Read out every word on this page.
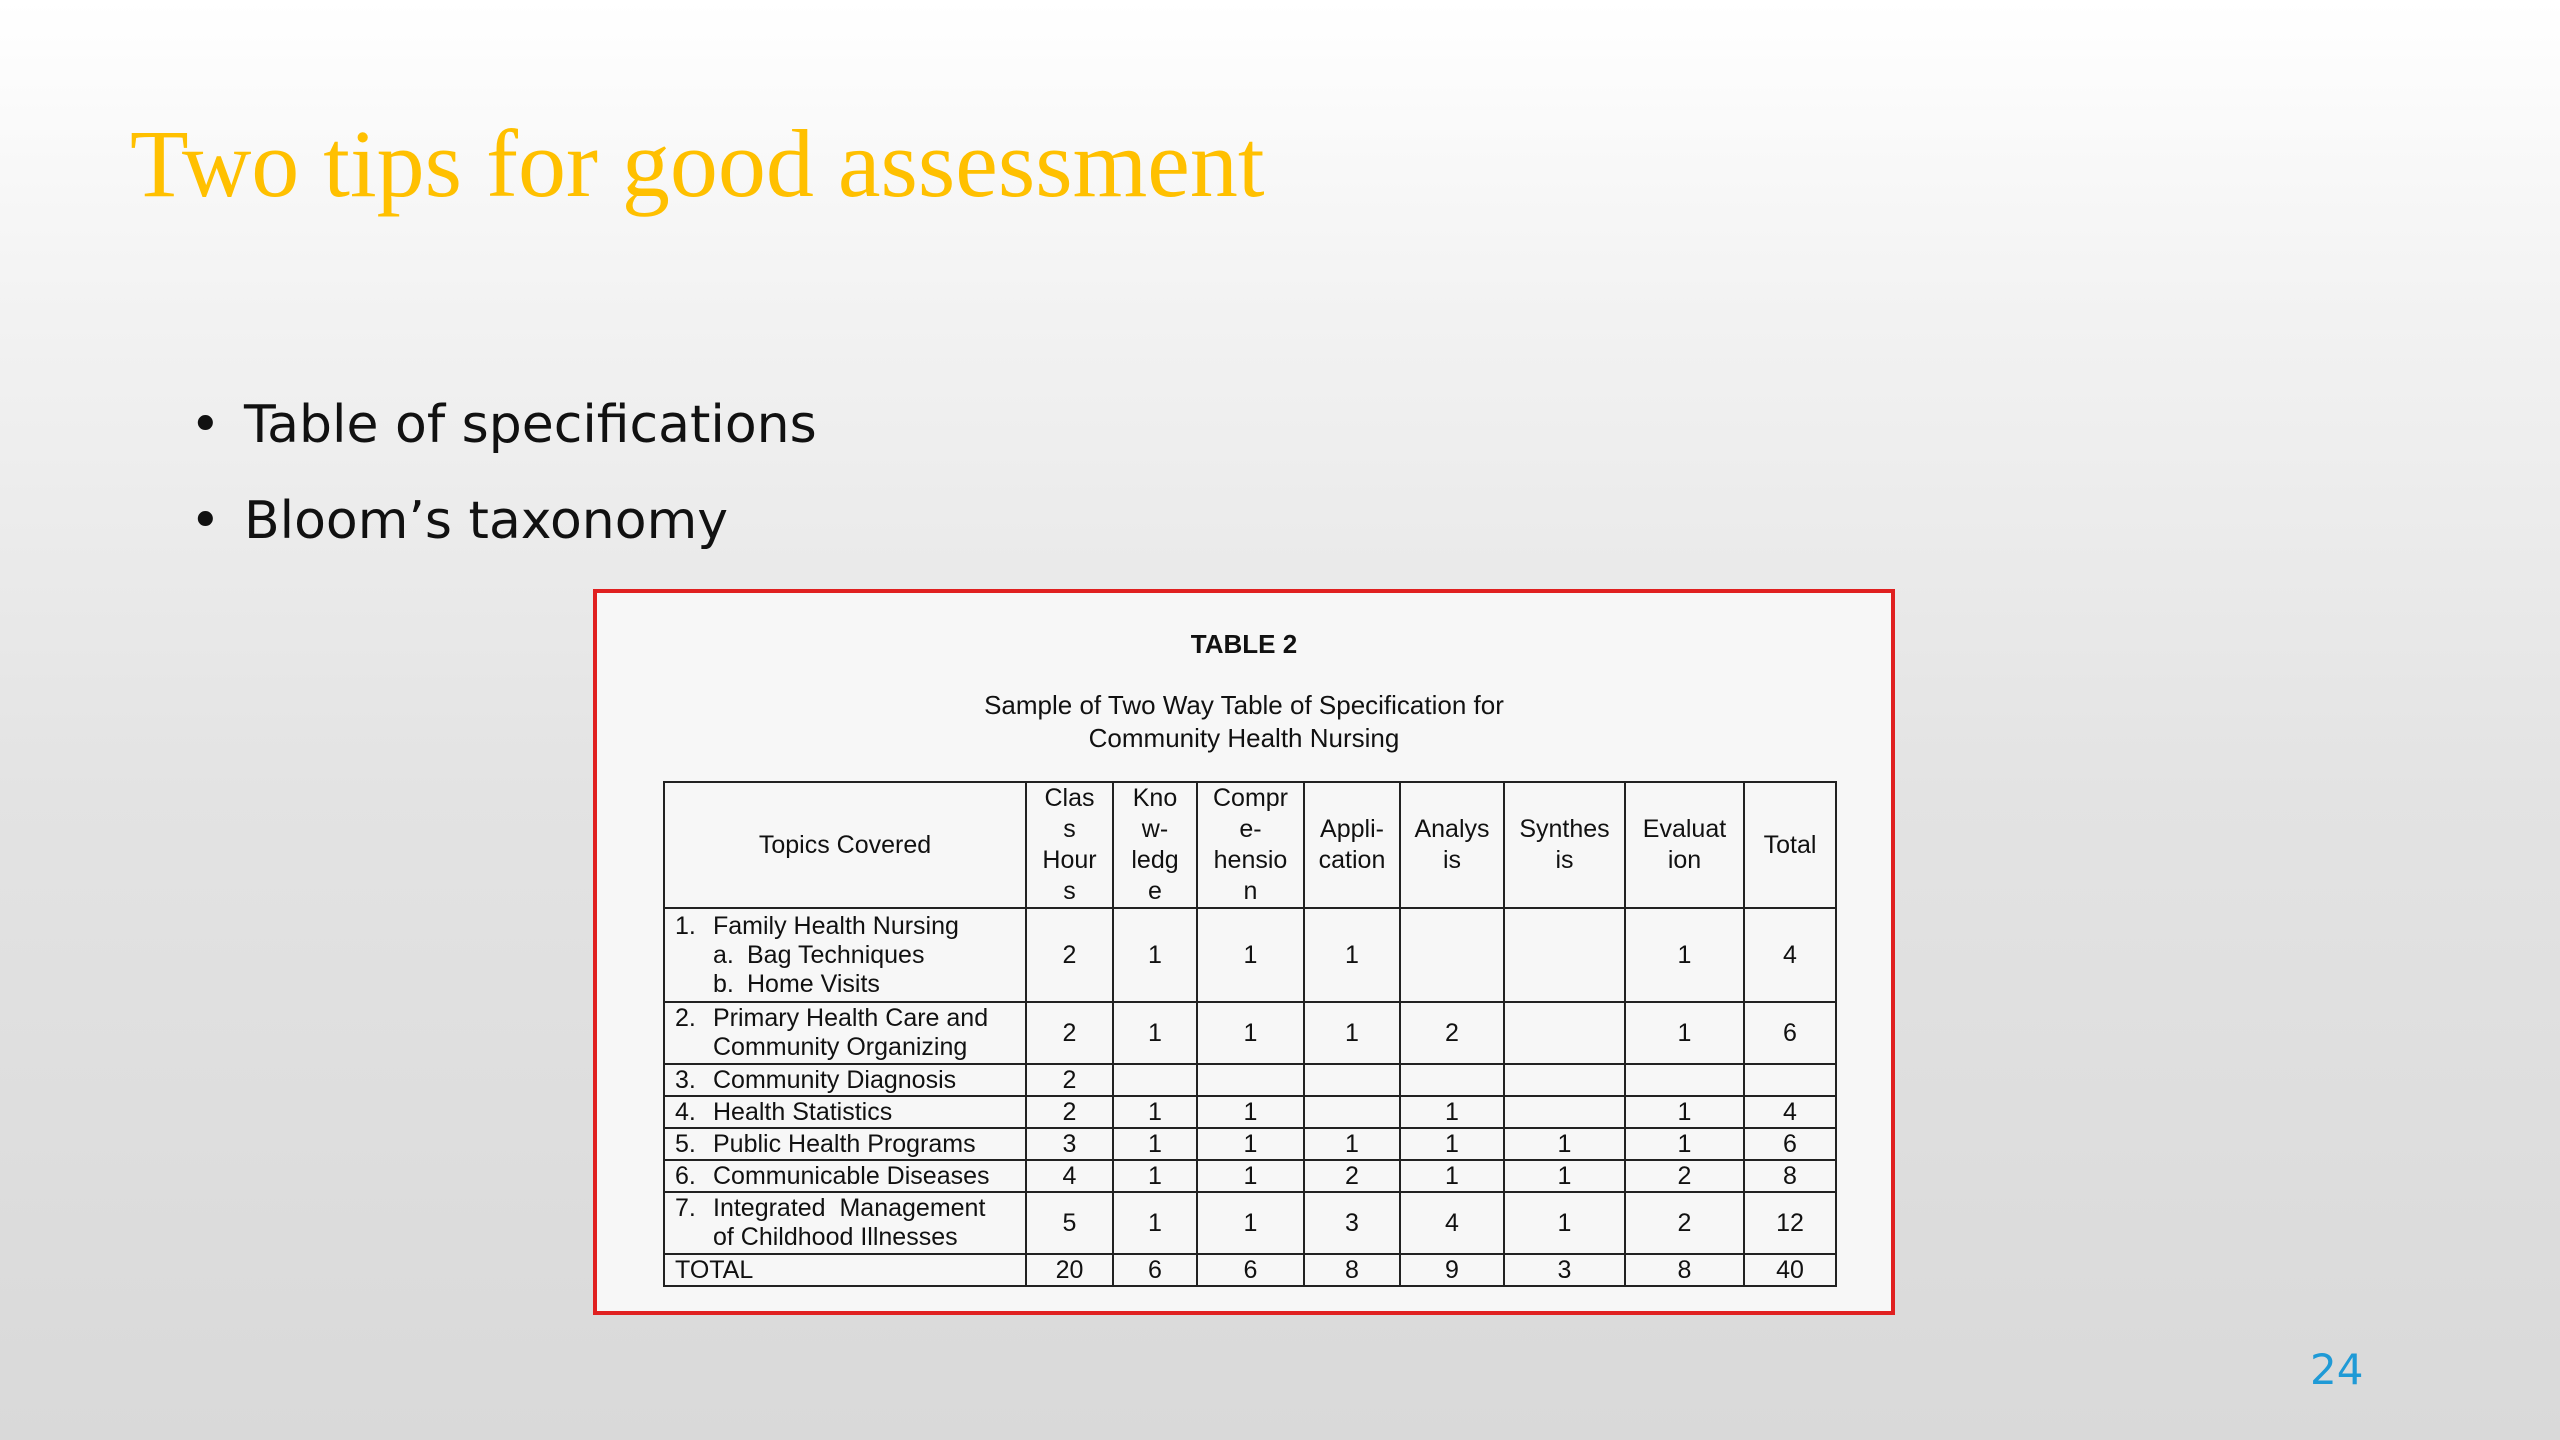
Two tips for good assessment
• Table of specifications
• Bloom’s taxonomy
TABLE 2
Sample of Two Way Table of Specification for
Community Health Nursing
Topics Covered	Clas
s
Hour
s	Kno
w-
ledg
e	Compr
e-
hensio
n	Appli-
cation	Analys
is	Synthes
is	Evaluat
ion	Total
1. Family Health Nursing
a. Bag Techniques
b. Home Visits	2	1	1	1			1	4
2. Primary Health Care and
Community Organizing	2	1	1	1	2		1	6
3. Community Diagnosis	2							
4. Health Statistics	2	1	1		1		1	4
5. Public Health Programs	3	1	1	1	1	1	1	6
6. Communicable Diseases	4	1	1	2	1	1	2	8
7. Integrated  Management
of Childhood Illnesses	5	1	1	3	4	1	2	12
TOTAL	20	6	6	8	9	3	8	40
24
